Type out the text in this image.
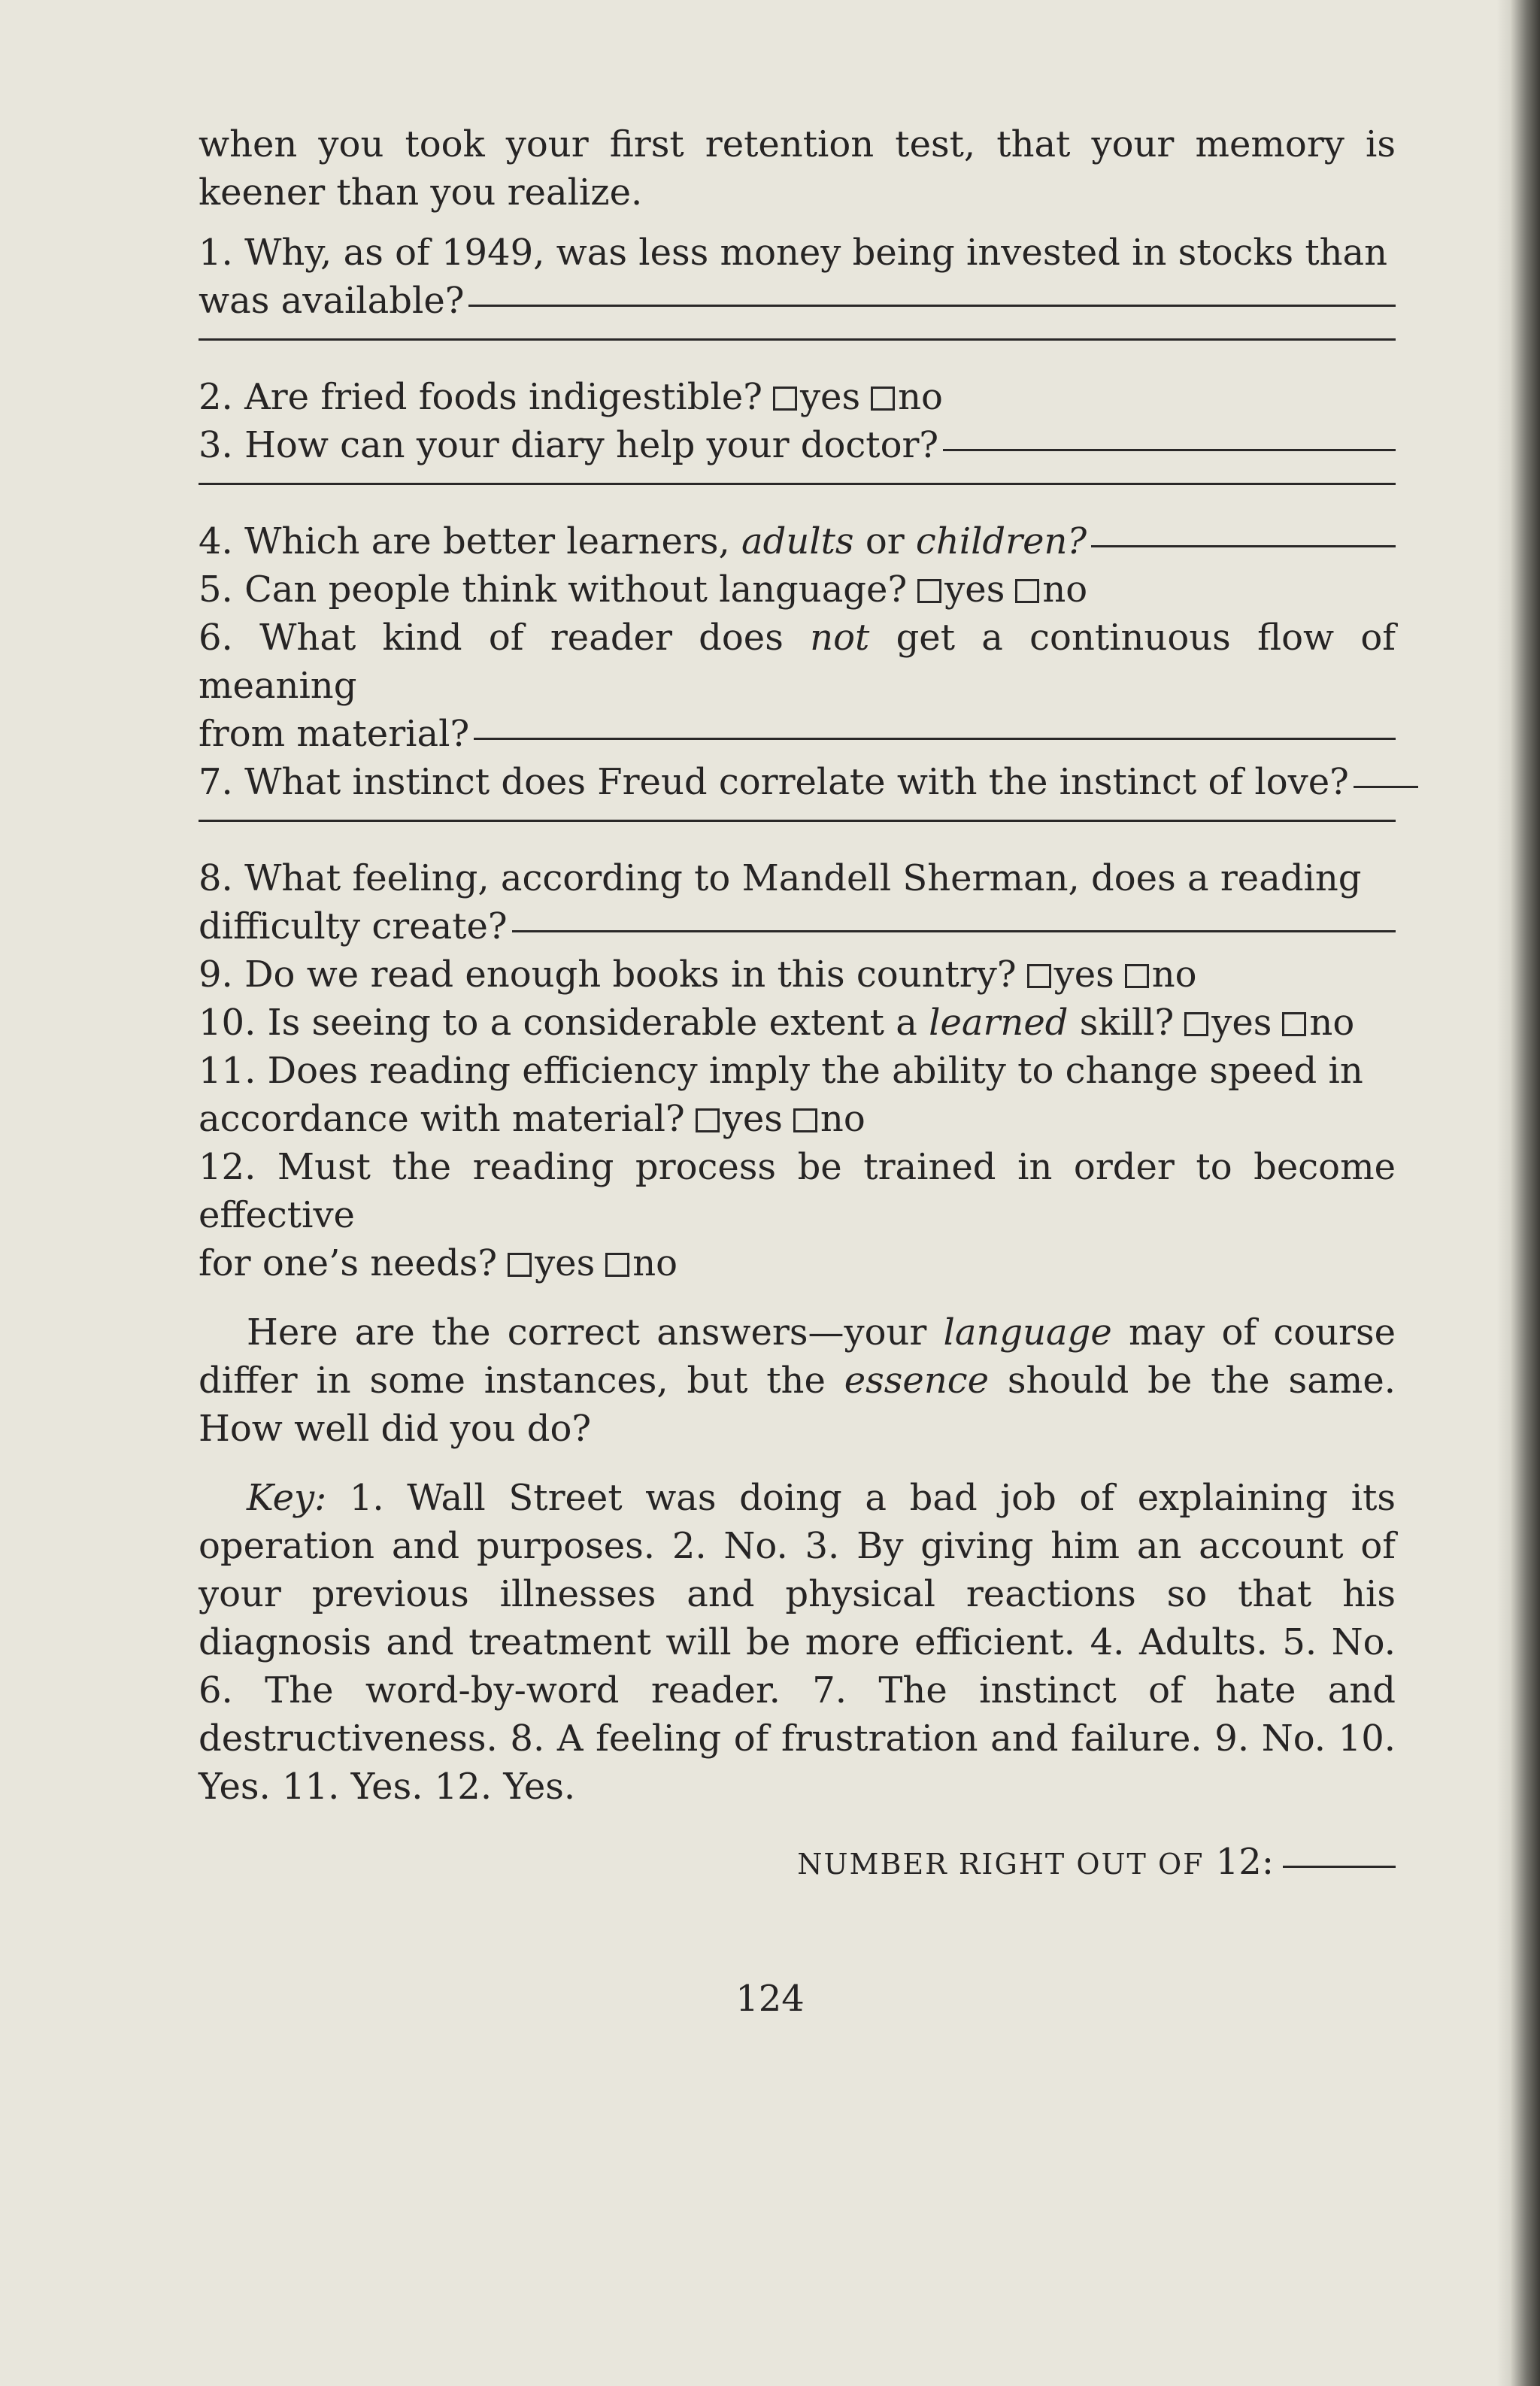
when you took your first retention test, that your memory is keener than you realize.

1. Why, as of 1949, was less money being invested in stocks than

was available?

2. Are fried foods indigestible? yes no

3.
How can your diary help your doctor?
4.
Which are better learners,
adults
or
children?

5. Can people think without language? yes no

6. What kind of reader does not get a continuous flow of meaning

from material?
7.
What instinct does Freud correlate with the instinct of love?

8. What feeling, according to Mandell Sherman, does a reading

difficulty create?

9. Do we read enough books in this country? yes no

10. Is seeing to a considerable extent a learned skill? yes no

11. Does reading efficiency imply the ability to change speed in

accordance with material? yes no

12. Must the reading process be trained in order to become effective

for one’s needs? yes no

Here are the correct answers—your language may of course differ in some instances, but the essence should be the same. How well did you do?

Key: 1. Wall Street was doing a bad job of explaining its operation and purposes. 2. No. 3. By giving him an account of your previous illnesses and physical reactions so that his diagnosis and treatment will be more efficient. 4. Adults. 5. No. 6. The word-by-word reader. 7. The instinct of hate and destructiveness. 8. A feeling of frustration and failure. 9. No. 10. Yes. 11. Yes. 12. Yes.

NUMBER RIGHT OUT OF 12:

124
